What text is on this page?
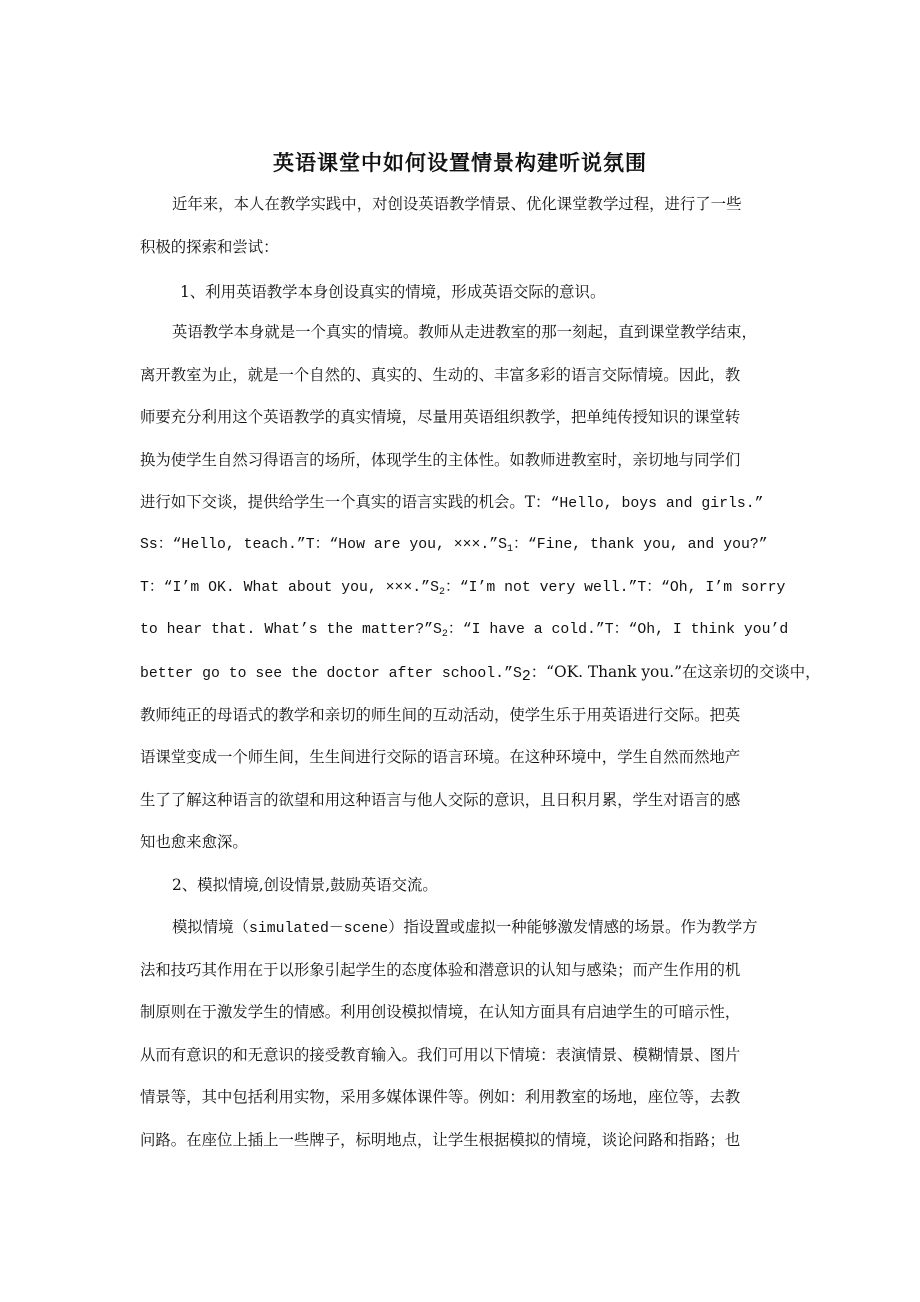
英语课堂中如何设置情景构建听说氛围

近年来，本人在教学实践中，对创设英语教学情景、优化课堂教学过程，进行了一些

积极的探索和尝试：

1、利用英语教学本身创设真实的情境，形成英语交际的意识。

英语教学本身就是一个真实的情境。教师从走进教室的那一刻起，直到课堂教学结束，

离开教室为止，就是一个自然的、真实的、生动的、丰富多彩的语言交际情境。因此，教

师要充分利用这个英语教学的真实情境，尽量用英语组织教学，把单纯传授知识的课堂转

换为使学生自然习得语言的场所，体现学生的主体性。如教师进教室时，亲切地与同学们

进行如下交谈，提供给学生一个真实的语言实践的机会。T：“Hello, boys and girls.”

Ss：“Hello, teach.”T：“How are you, $\times\times\times.”S_1$：“Fine, thank you, and you?”

T：“I’m OK. What about you, $\times\times\times.”S_2$：“I’m not very well.”T：“Oh, I’m sorry

to hear that. What’s the $matter?”S_2$：“I have a cold.”T：“Oh, I think you’d

better go to see the doctor after $school.”S_2$：“OK. Thank you.”在这亲切的交谈中，

教师纯正的母语式的教学和亲切的师生间的互动活动，使学生乐于用英语进行交际。把英

语课堂变成一个师生间，生生间进行交际的语言环境。在这种环境中，学生自然而然地产

生了了解这种语言的欲望和用这种语言与他人交际的意识，且日积月累，学生对语言的感

知也愈来愈深。

2、模拟情境,创设情景,鼓励英语交流。

模拟情境（simulated－scene）指设置或虚拟一种能够激发情感的场景。作为教学方

法和技巧其作用在于以形象引起学生的态度体验和潜意识的认知与感染；而产生作用的机

制原则在于激发学生的情感。利用创设模拟情境，在认知方面具有启迪学生的可暗示性，

从而有意识的和无意识的接受教育输入。我们可用以下情境：表演情景、模糊情景、图片

情景等，其中包括利用实物，采用多媒体课件等。例如：利用教室的场地，座位等，去教

问路。在座位上插上一些牌子，标明地点，让学生根据模拟的情境，谈论问路和指路；也
